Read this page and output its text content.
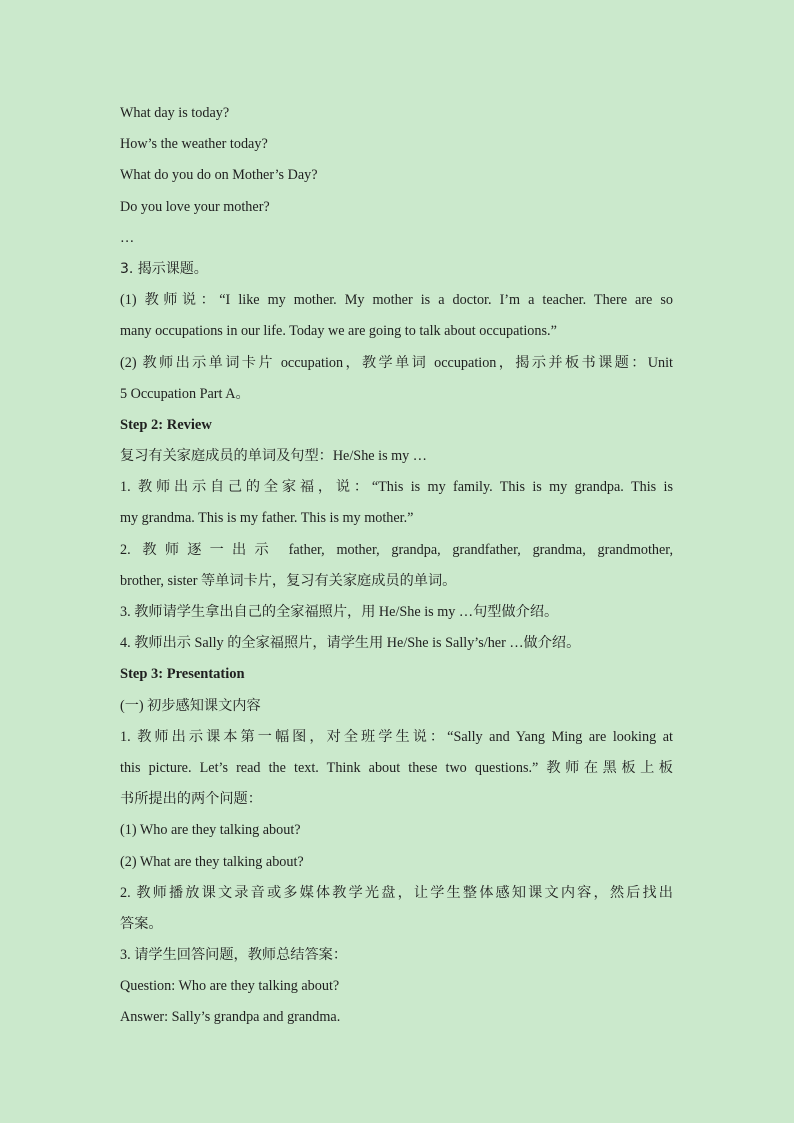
What day is today?
How’s the weather today?
What do you do on Mother’s Day?
Do you love your mother?
…
3. 揭示课题。
(1) 教师说：“I like my mother. My mother is a doctor. I’m a teacher. There are so
many occupations in our life. Today we are going to talk about occupations.”
(2) 教师出示单词卡片 occupation，教学单词 occupation，揭示并板书课题：Unit
5 Occupation Part A。
Step 2: Review
复习有关家庭成员的单词及句型：He/She is my …
1. 教师出示自己的全家福，说：“This is my family. This is my grandpa. This is
my grandma. This is my father. This is my mother.”
2. 教师逐一出示 father, mother, grandpa, grandfather, grandma, grandmother,
brother, sister 等单词卡片，复习有关家庭成员的单词。
3. 教师请学生拿出自己的全家福照片，用 He/She is my …句型做介绍。
4. 教师出示 Sally 的全家福照片，请学生用 He/She is Sally’s/her …做介绍。
Step 3: Presentation
(一) 初步感知课文内容
1. 教师出示课本第一幅图，对全班学生说：“Sally and Yang Ming are looking at
this picture. Let’s read the text. Think about these two questions.” 教师在黑板上板
书所提出的两个问题：
(1) Who are they talking about?
(2) What are they talking about?
2. 教师播放课文录音或多媒体教学光盘，让学生整体感知课文内容，然后找出
答案。
3. 请学生回答问题，教师总结答案：
Question: Who are they talking about?
Answer: Sally’s grandpa and grandma.
